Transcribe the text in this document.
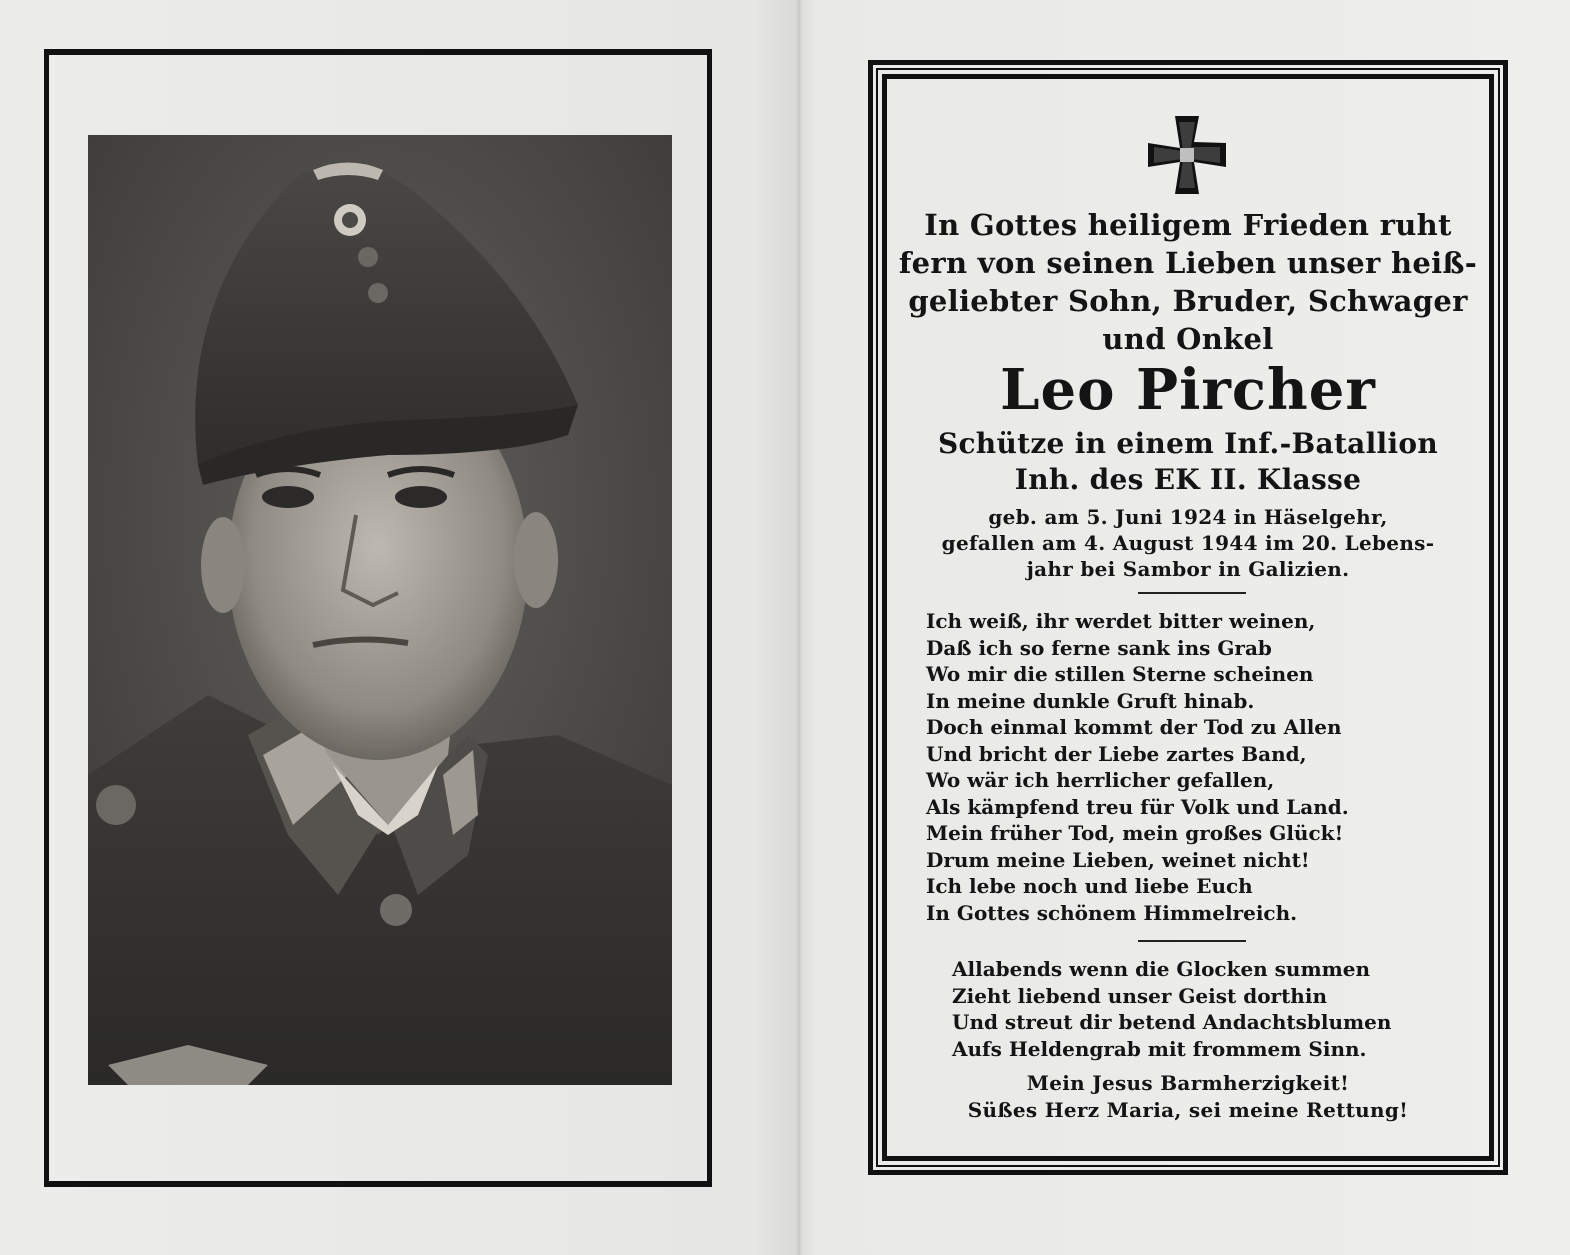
In Gottes heiligem Frieden ruht
fern von seinen Lieben unser heiß-
geliebter Sohn, Bruder, Schwager
und Onkel
Leo Pircher
Schütze in einem Inf.-Batallion
Inh. des EK II. Klasse
geb. am 5. Juni 1924 in Häselgehr,
gefallen am 4. August 1944 im 20. Lebens-
jahr bei Sambor in Galizien.
Ich weiß, ihr werdet bitter weinen,
Daß ich so ferne sank ins Grab
Wo mir die stillen Sterne scheinen
In meine dunkle Gruft hinab.
Doch einmal kommt der Tod zu Allen
Und bricht der Liebe zartes Band,
Wo wär ich herrlicher gefallen,
Als kämpfend treu für Volk und Land.
Mein früher Tod, mein großes Glück!
Drum meine Lieben, weinet nicht!
Ich lebe noch und liebe Euch
In Gottes schönem Himmelreich.
Allabends wenn die Glocken summen
Zieht liebend unser Geist dorthin
Und streut dir betend Andachtsblumen
Aufs Heldengrab mit frommem Sinn.
Mein Jesus Barmherzigkeit!
Süßes Herz Maria, sei meine Rettung!
